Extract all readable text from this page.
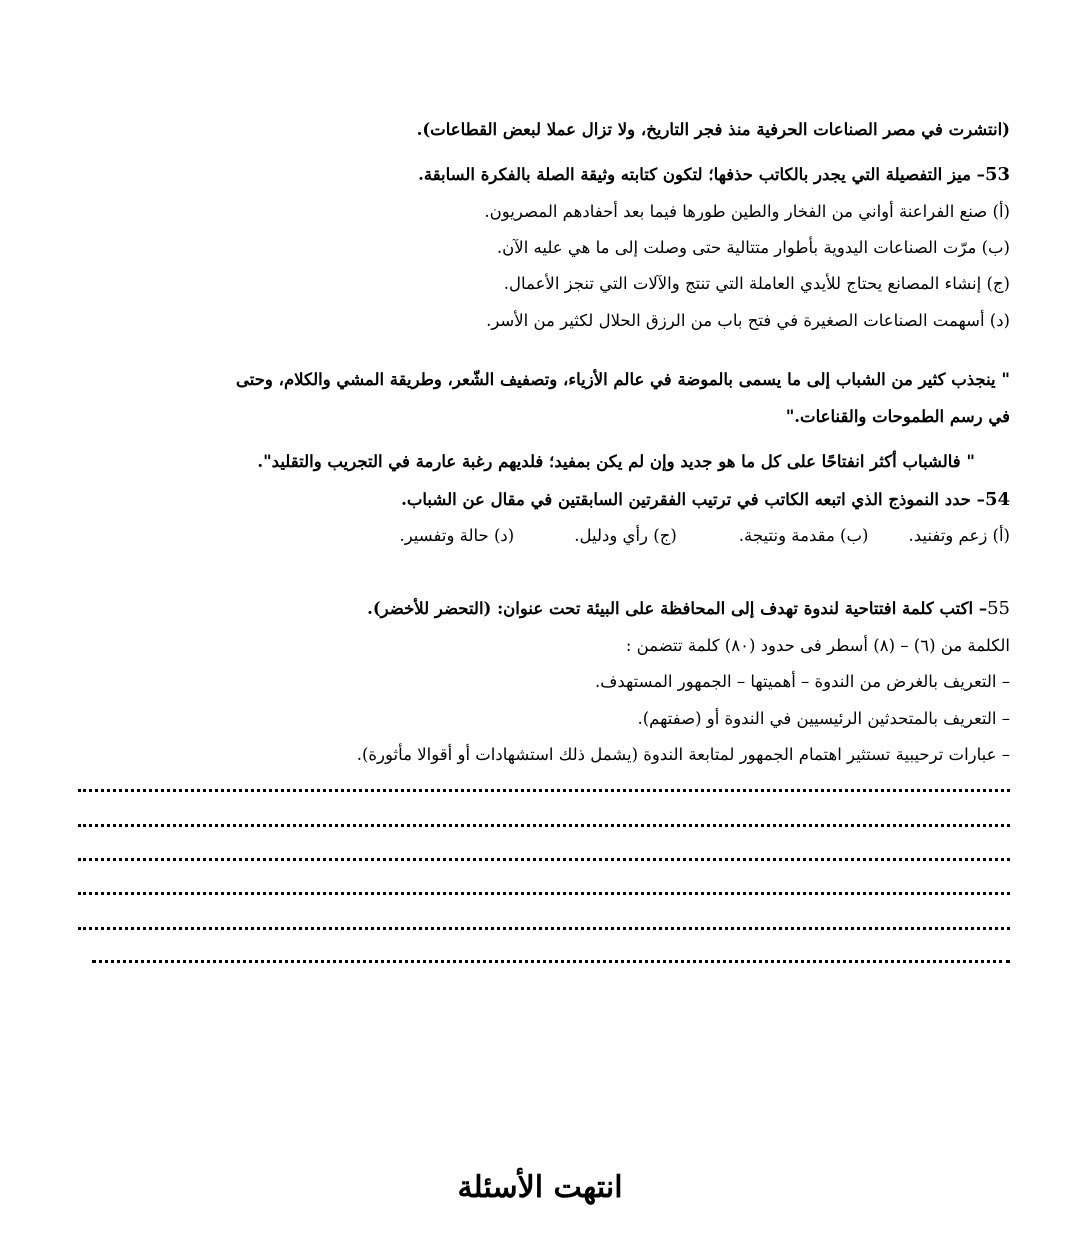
(انتشرت في مصر الصناعات الحرفية منذ فجر التاريخ، ولا تزال عملا لبعض القطاعات).
53– ميز التفصيلة التي يجدر بالكاتب حذفها؛ لتكون كتابته وثيقة الصلة بالفكرة السابقة.
(أ) صنع الفراعنة أواني من الفخار والطين طورها فيما بعد أحفادهم المصريون.
(ب) مرّت الصناعات اليدوية بأطوار متتالية حتى وصلت إلى ما هي عليه الآن.
(ج) إنشاء المصانع يحتاج للأيدي العاملة التي تنتج والآلات التي تنجز الأعمال.
(د) أسهمت الصناعات الصغيرة في فتح باب من الرزق الحلال لكثير من الأسر.
" ينجذب كثير من الشباب إلى ما يسمى بالموضة في عالم الأزياء، وتصفيف الشّعر، وطريقة المشي والكلام، وحتى
في رسم الطموحات والقناعات."
" فالشباب أكثر انفتاحًا على كل ما هو جديد وإن لم يكن بمفيد؛ فلديهم رغبة عارمة في التجريب والتقليد".
54– حدد النموذج الذي اتبعه الكاتب في ترتيب الفقرتين السابقتين في مقال عن الشباب.
(أ) زعم وتفنيد.(ب) مقدمة ونتيجة.(ج) رأي ودليل.(د) حالة وتفسير.
55– اكتب كلمة افتتاحية لندوة تهدف إلى المحافظة على البيئة تحت عنوان: (التحضر للأخضر).
الكلمة من (٦) – (٨) أسطر فى حدود (٨٠) كلمة تتضمن :
– التعريف بالغرض من الندوة – أهميتها – الجمهور المستهدف.
– التعريف بالمتحدثين الرئيسيين في الندوة أو (صفتهم).
– عبارات ترحيبية تستثير اهتمام الجمهور لمتابعة الندوة (يشمل ذلك استشهادات أو أقوالا مأثورة).
انتهت الأسئلة
